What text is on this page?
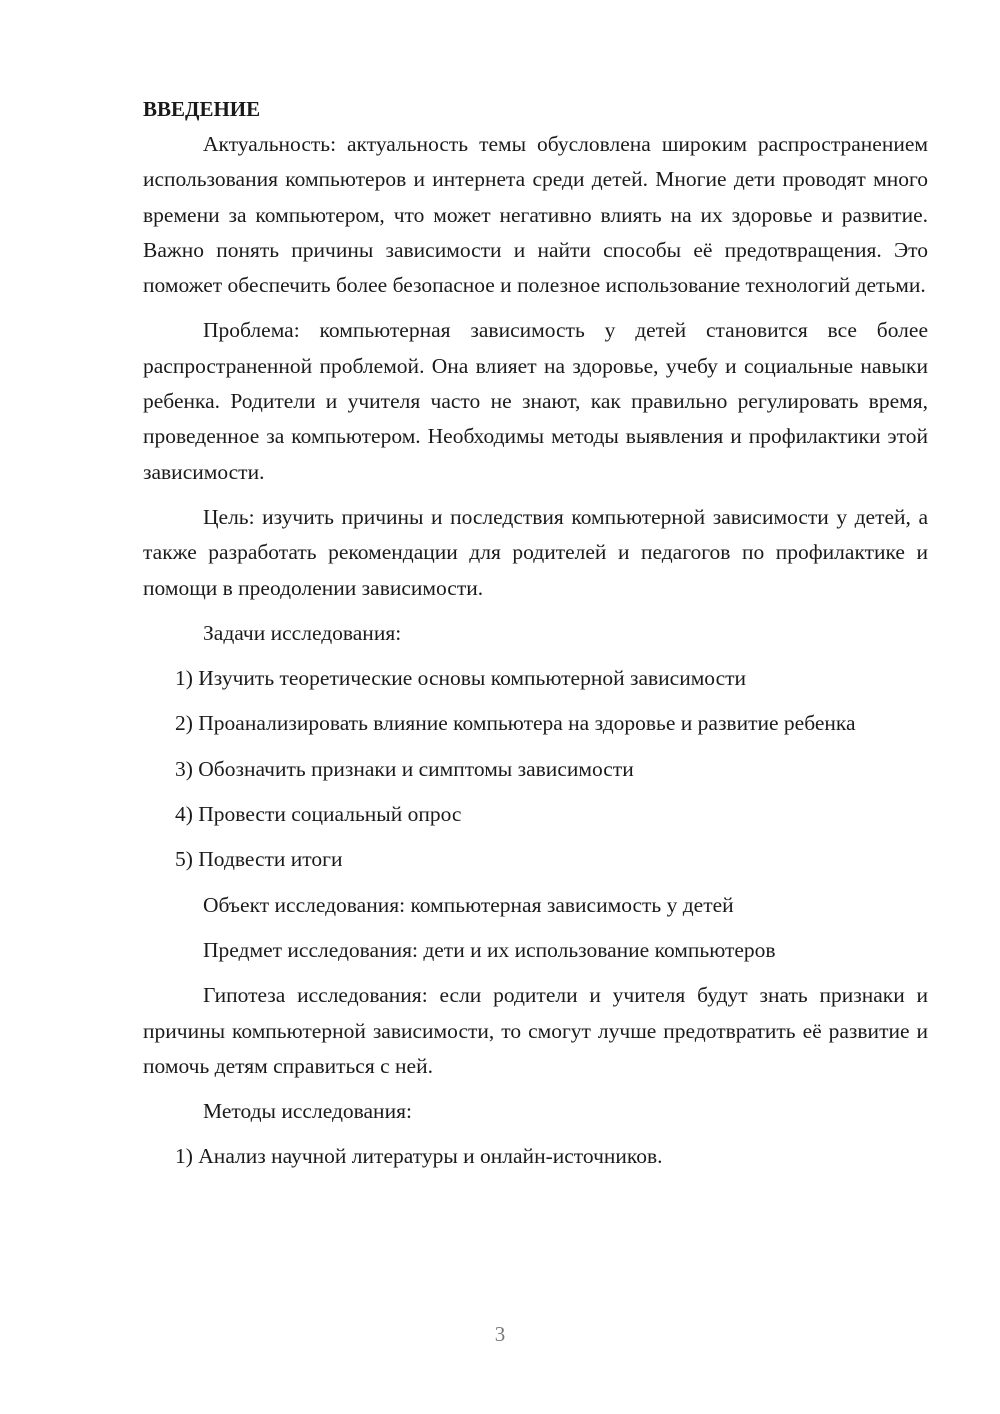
ВВЕДЕНИЕ

Актуальность: актуальность темы обусловлена широким распространением использования компьютеров и интернета среди детей. Многие дети проводят много времени за компьютером, что может негативно влиять на их здоровье и развитие. Важно понять причины зависимости и найти способы её предотвращения. Это поможет обеспечить более безопасное и полезное использование технологий детьми.

Проблема: компьютерная зависимость у детей становится все более распространенной проблемой. Она влияет на здоровье, учебу и социальные навыки ребенка. Родители и учителя часто не знают, как правильно регулировать время, проведенное за компьютером. Необходимы методы выявления и профилактики этой зависимости.

Цель: изучить причины и последствия компьютерной зависимости у детей, а также разработать рекомендации для родителей и педагогов по профилактике и помощи в преодолении зависимости.

Задачи исследования:

1) Изучить теоретические основы компьютерной зависимости

2) Проанализировать влияние компьютера на здоровье и развитие ребенка

3) Обозначить признаки и симптомы зависимости

4) Провести социальный опрос

5) Подвести итоги

Объект исследования: компьютерная зависимость у детей

Предмет исследования: дети и их использование компьютеров

Гипотеза исследования: если родители и учителя будут знать признаки и причины компьютерной зависимости, то смогут лучше предотвратить её развитие и помочь детям справиться с ней.

Методы исследования:

1) Анализ научной литературы и онлайн-источников.

3
